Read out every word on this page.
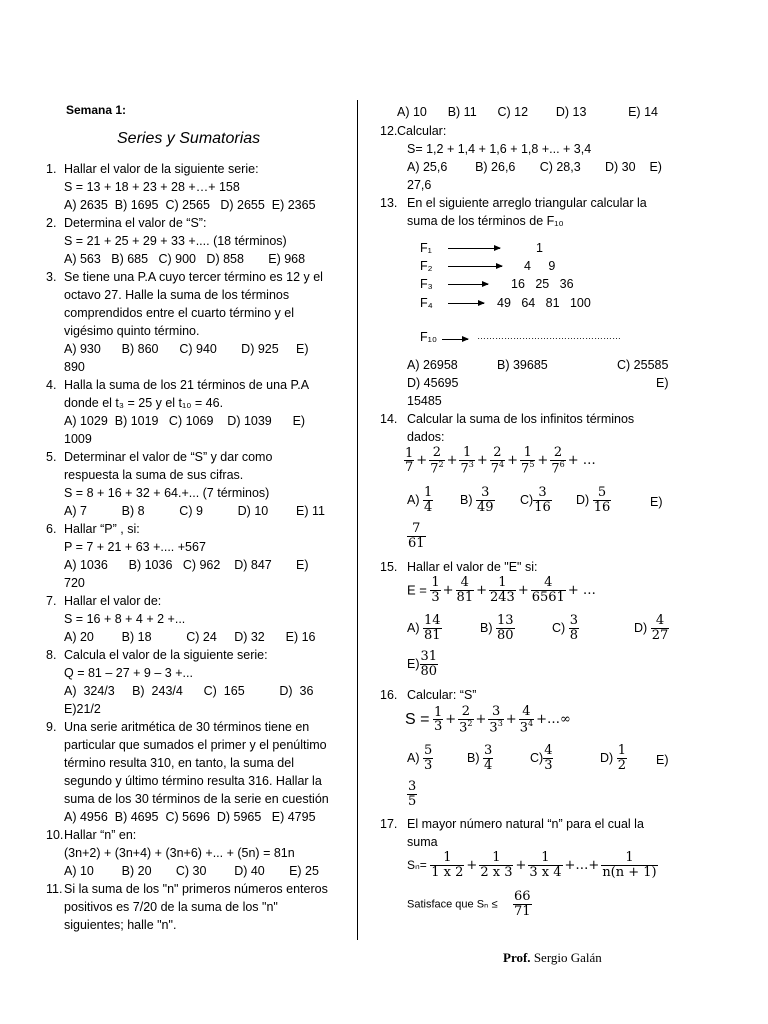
Semana 1:
Series y Sumatorias
1. Hallar el valor de la siguiente serie:
S = 13 + 18 + 23 + 28 +…+ 158
A) 2635  B) 1695  C) 2565   D) 2655  E) 2365
2. Determina el valor de “S”:
S = 21 + 25 + 29 + 33 +.... (18 términos)
A) 563   B) 685   C) 900   D) 858       E) 968
3. Se tiene una P.A cuyo tercer término es 12 y el
octavo 27. Halle la suma de los términos
comprendidos entre el cuarto término y el
vigésimo quinto término.
A) 930      B) 860      C) 940       D) 925     E)
890
4. Halla la suma de los 21 términos de una P.A
donde el t₃ = 25 y el t₁₀ = 46.
A) 1029  B) 1019   C) 1069    D) 1039      E)
1009
5. Determinar el valor de “S” y dar como
respuesta la suma de sus cifras.
S = 8 + 16 + 32 + 64.+... (7 términos)
A) 7          B) 8          C) 9          D) 10        E) 11
6. Hallar “P” , si:
P = 7 + 21 + 63 +.... +567
A) 1036      B) 1036   C) 962    D) 847       E)
720
7. Hallar el valor de:
S = 16 + 8 + 4 + 2 +...
A) 20        B) 18          C) 24     D) 32      E) 16
8. Calcula el valor de la siguiente serie:
Q = 81 – 27 + 9 – 3 +...
A)  324/3     B)  243/4      C)  165          D)  36
E)21/2
9. Una serie aritmética de 30 términos tiene en
particular que sumados el primer y el penúltimo
término resulta 310, en tanto, la suma del
segundo y último término resulta 316. Hallar la
suma de los 30 términos de la serie en cuestión
A) 4956  B) 4695  C) 5696  D) 5965   E) 4795
10. Hallar “n” en:
(3n+2) + (3n+4) + (3n+6) +... + (5n) = 81n
A) 10        B) 20       C) 30        D) 40       E) 25
11. Si la suma de los "n" primeros números enteros
positivos es 7/20 de la suma de los "n"
siguientes; halle "n".
A) 10      B) 11      C) 12        D) 13            E) 14
12. Calcular:
S= 1,2 + 1,4 + 1,6 + 1,8 +... + 3,4
A) 25,6        B) 26,6       C) 28,3       D) 30    E)
27,6
13. En el siguiente arreglo triangular calcular la
suma de los términos de F₁₀
F₁	1
F₂	4     9
F₃	16   25   36
F₄	49   64   81   100
F₁₀	…………………………………………
A) 26958	B) 39685	C) 25585
D) 45695	E)
15485
14. Calcular la suma de los infinitos términos
dados:
$\frac{1}{7} + \frac{2}{7^2} + \frac{1}{7^3} + \frac{2}{7^4} + \frac{1}{7^5} + \frac{2}{7^6}$ + …
$A) \frac{1}{4} B) \frac{3}{49} C) \frac{3}{16} D) \frac{5}{16}$	E)
$\frac{7}{61}$
15. Hallar el valor de "E" si:
$E = \frac{1}{3} + \frac{4}{81} + \frac{1}{243} + \frac{4}{6561}$ + …
$A) \frac{14}{81}$	$B) \frac{13}{80}$	$C) \frac{3}{8}$	$D) \frac{4}{27}$
$E) \frac{31}{80}$
16. Calcular: “S”
$S = \frac{1}{3} + \frac{2}{3^2} + \frac{3}{3^3} + \frac{4}{3^4}$ +…∞
$A) \frac{5}{3}$	$B) \frac{3}{4}$	$C) \frac{4}{3}$	$D) \frac{1}{2} E$)
$\frac{3}{5}$
17. El mayor número natural “n” para el cual la
suma
$S_n= \frac{1}{1 x 2} + \frac{1}{2 x 3} + \frac{1}{3 x 4}$ +…+ $\frac{1}{n(n + 1)}$
Satisface que $S_n \le \frac{66}{71}$
Prof. Sergio Galán
